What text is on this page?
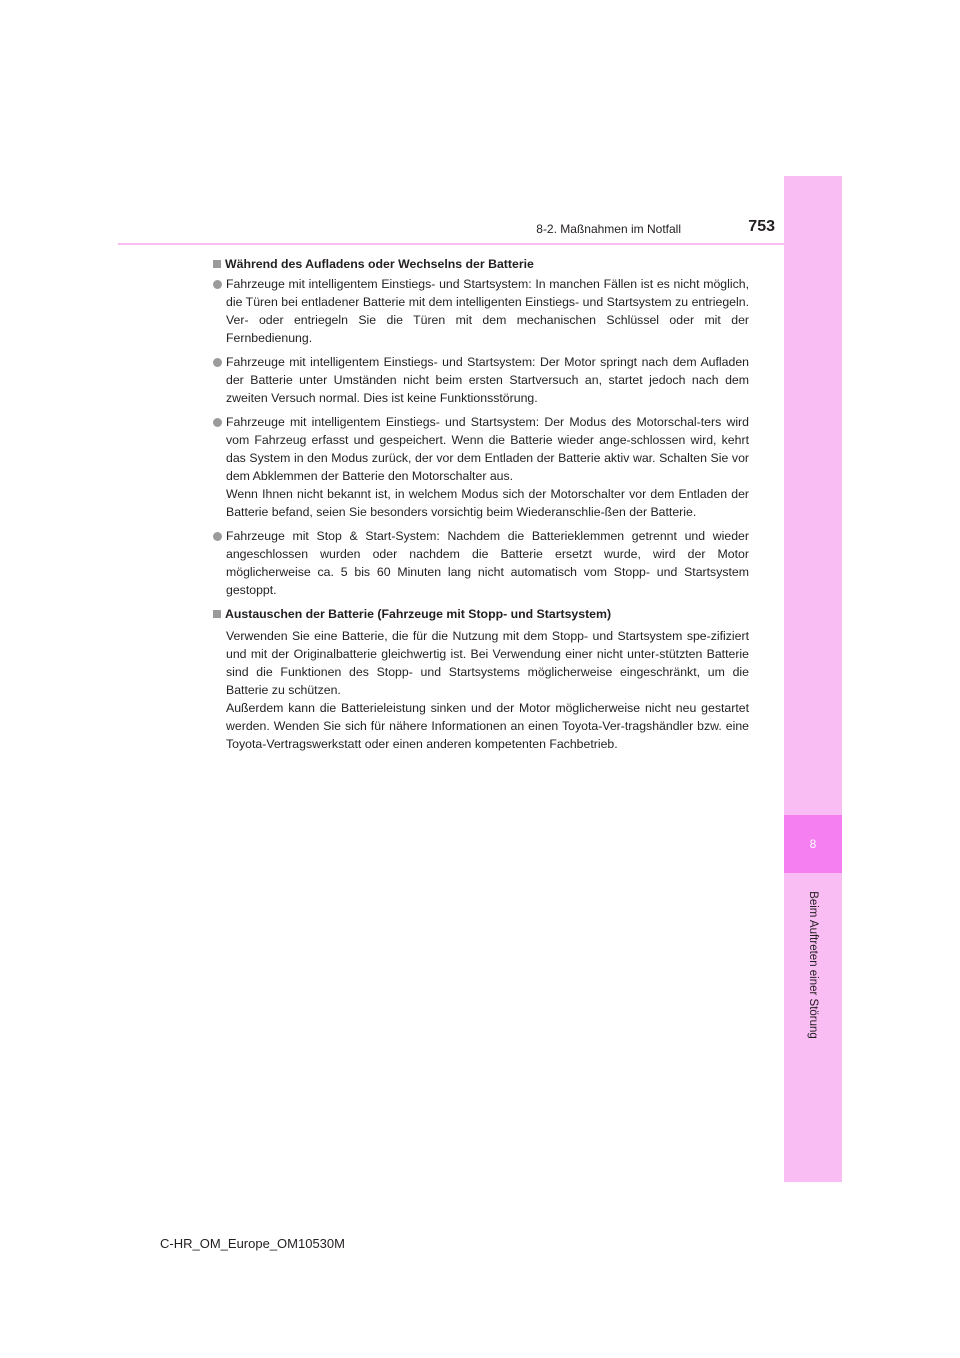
8
Beim Auftreten einer Störung
8-2. Maßnahmen im Notfall	753
Während des Aufladens oder Wechselns der Batterie
Fahrzeuge mit intelligentem Einstiegs- und Startsystem: In manchen Fällen ist es nicht möglich, die Türen bei entladener Batterie mit dem intelligenten Einstiegs- und Startsystem zu entriegeln. Ver- oder entriegeln Sie die Türen mit dem mechanischen Schlüssel oder mit der Fernbedienung.
Fahrzeuge mit intelligentem Einstiegs- und Startsystem: Der Motor springt nach dem Aufladen der Batterie unter Umständen nicht beim ersten Startversuch an, startet jedoch nach dem zweiten Versuch normal. Dies ist keine Funktionsstörung.
Fahrzeuge mit intelligentem Einstiegs- und Startsystem: Der Modus des Motorschal-ters wird vom Fahrzeug erfasst und gespeichert. Wenn die Batterie wieder ange-schlossen wird, kehrt das System in den Modus zurück, der vor dem Entladen der Batterie aktiv war. Schalten Sie vor dem Abklemmen der Batterie den Motorschalter aus.
Wenn Ihnen nicht bekannt ist, in welchem Modus sich der Motorschalter vor dem Entladen der Batterie befand, seien Sie besonders vorsichtig beim Wiederanschlie-ßen der Batterie.
Fahrzeuge mit Stop & Start-System: Nachdem die Batterieklemmen getrennt und wieder angeschlossen wurden oder nachdem die Batterie ersetzt wurde, wird der Motor möglicherweise ca. 5 bis 60 Minuten lang nicht automatisch vom Stopp- und Startsystem gestoppt.
Austauschen der Batterie (Fahrzeuge mit Stopp- und Startsystem)
Verwenden Sie eine Batterie, die für die Nutzung mit dem Stopp- und Startsystem spe-zifiziert und mit der Originalbatterie gleichwertig ist. Bei Verwendung einer nicht unter-stützten Batterie sind die Funktionen des Stopp- und Startsystems möglicherweise eingeschränkt, um die Batterie zu schützen.
Außerdem kann die Batterieleistung sinken und der Motor möglicherweise nicht neu gestartet werden. Wenden Sie sich für nähere Informationen an einen Toyota-Ver-tragshändler bzw. eine Toyota-Vertragswerkstatt oder einen anderen kompetenten Fachbetrieb.
C-HR_OM_Europe_OM10530M
